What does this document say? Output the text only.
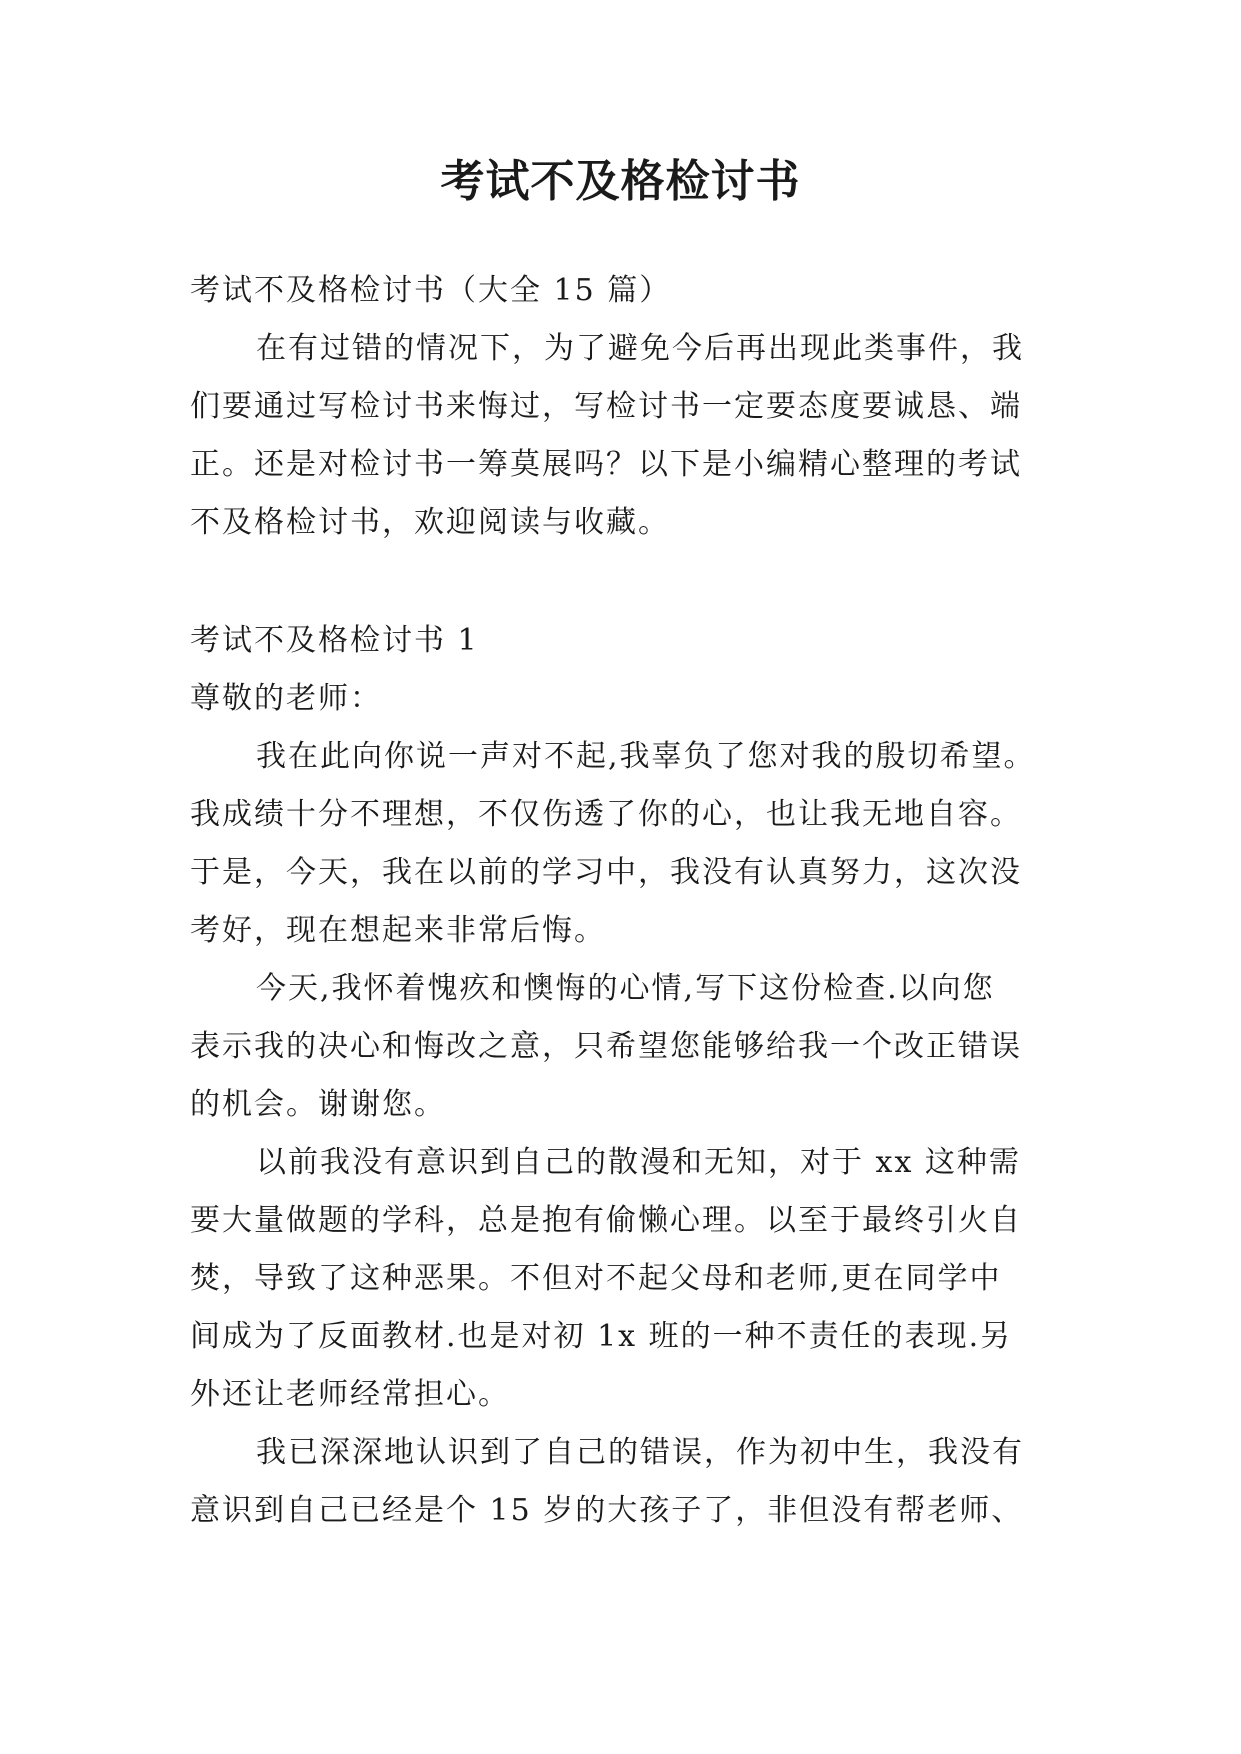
考试不及格检讨书
考试不及格检讨书（大全 15 篇）
在有过错的情况下，为了避免今后再出现此类事件，我
们要通过写检讨书来悔过，写检讨书一定要态度要诚恳、端
正。还是对检讨书一筹莫展吗？以下是小编精心整理的考试
不及格检讨书，欢迎阅读与收藏。
考试不及格检讨书 1
尊敬的老师：
我在此向你说一声对不起,我辜负了您对我的殷切希望。
我成绩十分不理想，不仅伤透了你的心，也让我无地自容。
于是，今天，我在以前的学习中，我没有认真努力，这次没
考好，现在想起来非常后悔。
今天,我怀着愧疚和懊悔的心情,写下这份检查.以向您
表示我的决心和悔改之意，只希望您能够给我一个改正错误
的机会。谢谢您。
以前我没有意识到自己的散漫和无知，对于 xx 这种需
要大量做题的学科，总是抱有偷懒心理。以至于最终引火自
焚，导致了这种恶果。不但对不起父母和老师,更在同学中
间成为了反面教材.也是对初 1x 班的一种不责任的表现.另
外还让老师经常担心。
我已深深地认识到了自己的错误，作为初中生，我没有
意识到自己已经是个 15 岁的大孩子了，非但没有帮老师、
